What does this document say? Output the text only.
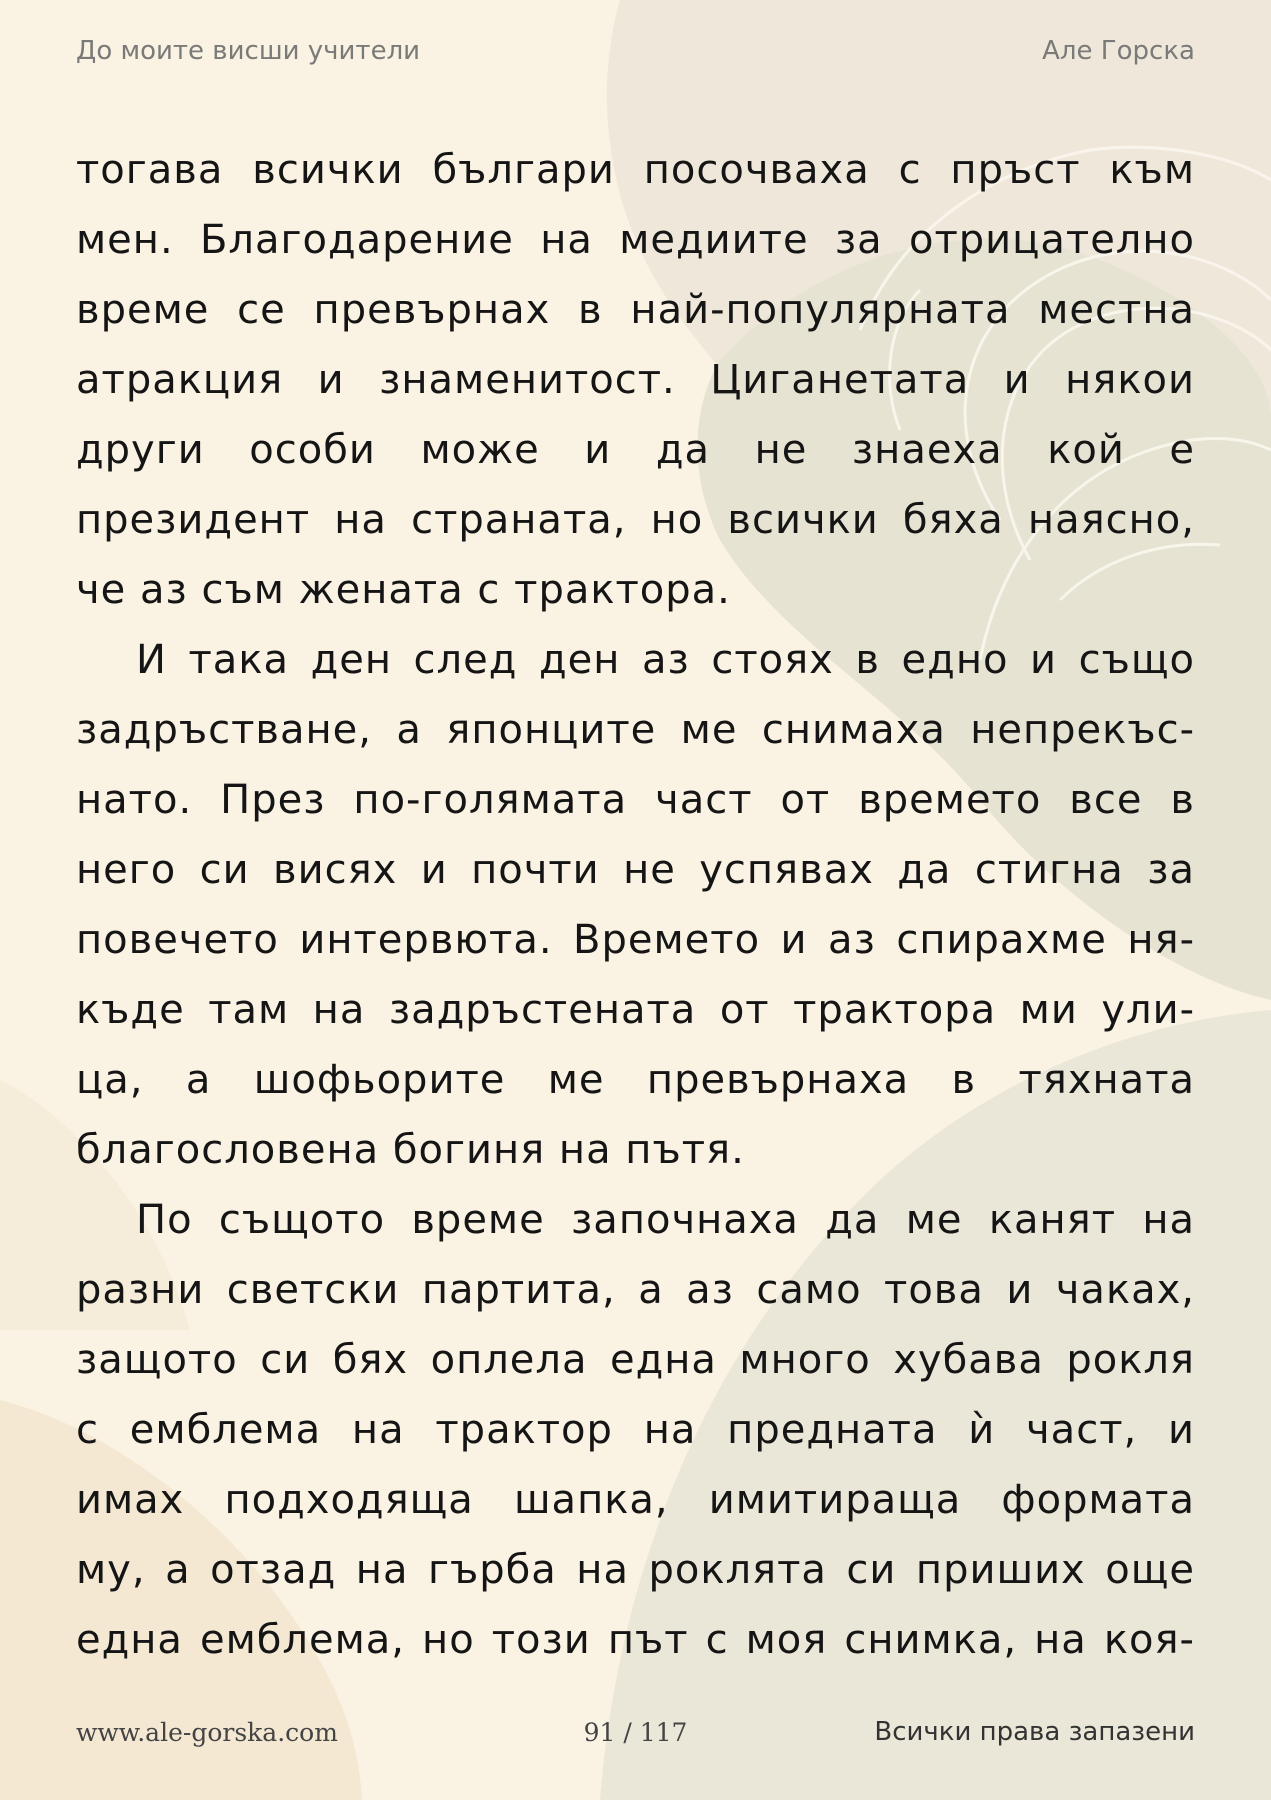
До моите висши учители	Але Горска
тогава всички българи посочваха с пръст към
мен. Благодарение на медиите за отрицателно
време се превърнах в най-популярната местна
атракция и знаменитост. Циганетата и някои
други особи може и да не знаеха кой е
президент на страната, но всички бяха наясно,
че аз съм жената с трактора.
И така ден след ден аз стоях в едно и също
задръстване, а японците ме снимаха непрекъс-
нато. През по-голямата част от времето все в
него си висях и почти не успявах да стигна за
повечето интервюта. Времето и аз спирахме ня-
къде там на задръстената от трактора ми ули-
ца, а шофьорите ме превърнаха в тяхната
благословена богиня на пътя.
По същото време започнаха да ме канят на
разни светски партита, а аз само това и чаках,
защото си бях оплела една много хубава рокля
с емблема на трактор на предната ѝ част, и
имах подходяща шапка, имитираща формата
му, а отзад на гърба на роклята си приших още
една емблема, но този път с моя снимка, на коя-
www.ale-gorska.com	91 / 117	Всички права запазени
